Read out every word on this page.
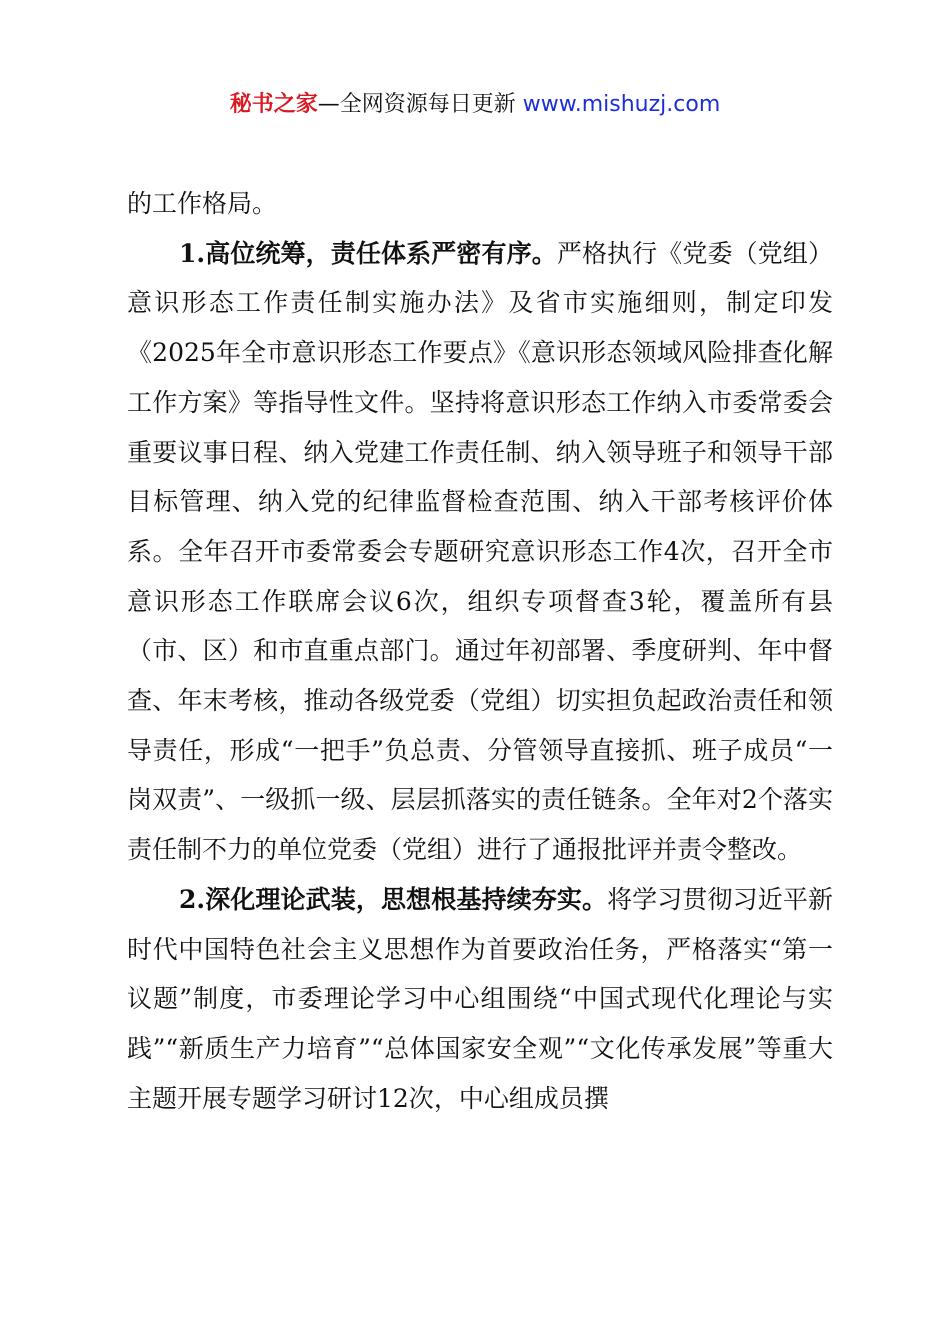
秘书之家—全网资源每日更新 www.mishuzj.com

的工作格局。

1.高位统筹，责任体系严密有序。严格执行《党委（党组）意识形态工作责任制实施办法》及省市实施细则，制定印发《2025年全市意识形态工作要点》《意识形态领域风险排查化解工作方案》等指导性文件。坚持将意识形态工作纳入市委常委会重要议事日程、纳入党建工作责任制、纳入领导班子和领导干部目标管理、纳入党的纪律监督检查范围、纳入干部考核评价体系。全年召开市委常委会专题研究意识形态工作4次，召开全市意识形态工作联席会议6次，组织专项督查3轮，覆盖所有县（市、区）和市直重点部门。通过年初部署、季度研判、年中督查、年末考核，推动各级党委（党组）切实担负起政治责任和领导责任，形成“一把手”负总责、分管领导直接抓、班子成员“一岗双责”、一级抓一级、层层抓落实的责任链条。全年对2个落实责任制不力的单位党委（党组）进行了通报批评并责令整改。

2.深化理论武装，思想根基持续夯实。将学习贯彻习近平新时代中国特色社会主义思想作为首要政治任务，严格落实“第一议题”制度，市委理论学习中心组围绕“中国式现代化理论与实践”“新质生产力培育”“总体国家安全观”“文化传承发展”等重大主题开展专题学习研讨12次，中心组成员撰
